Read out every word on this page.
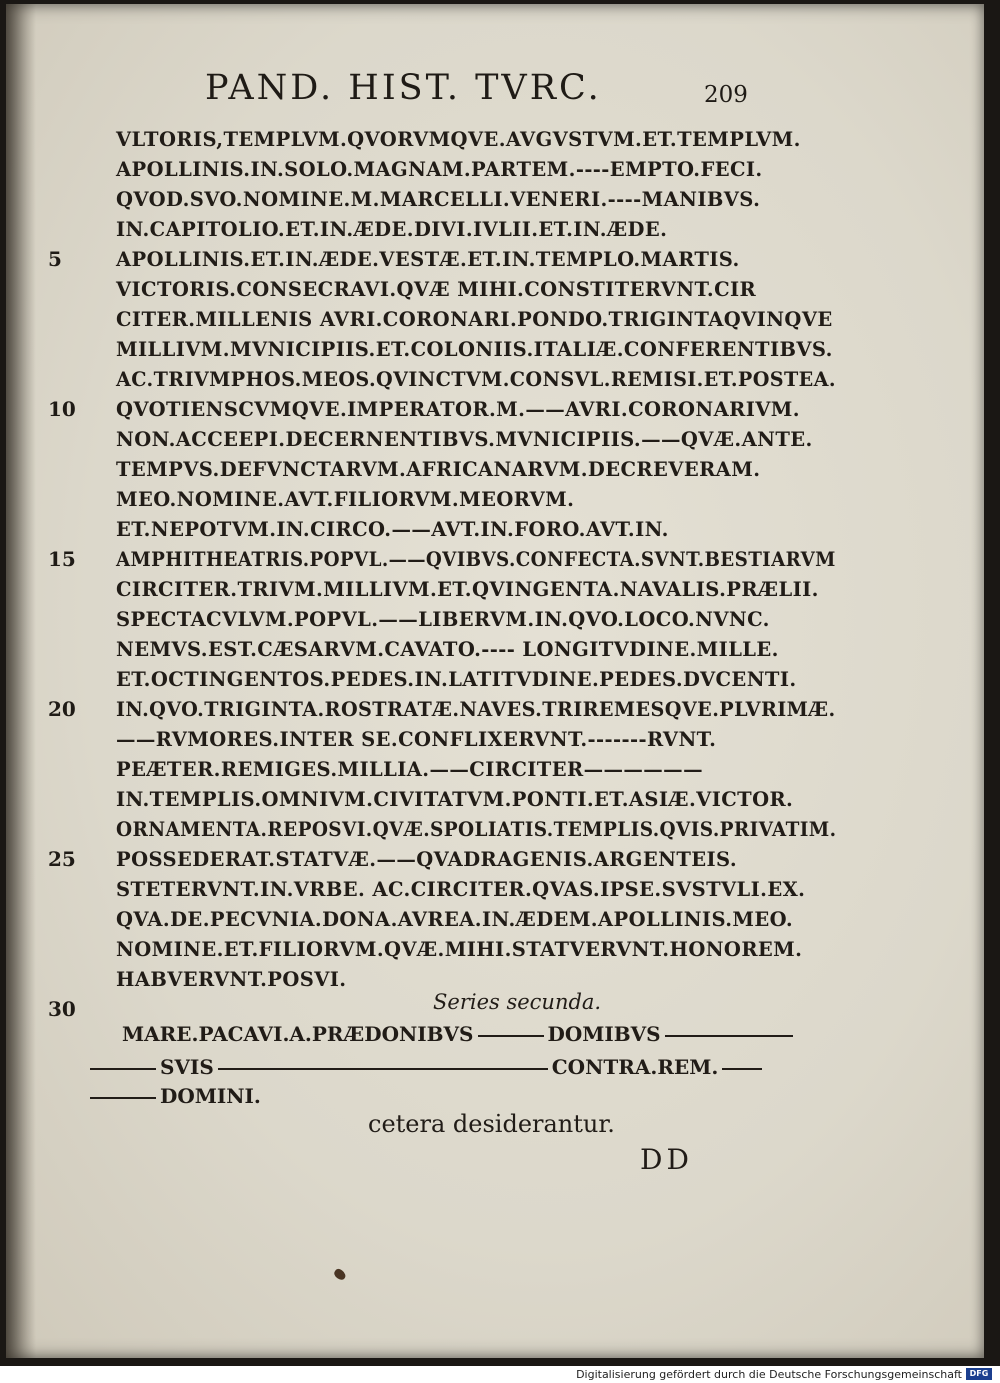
PAND. HIST. TVRC.	209
5
10
15
20
25
30
VLTORIS,TEMPLVM.QVORVMQVE.AVGVSTVM.ET.TEMPLVM.
APOLLINIS.IN.SOLO.MAGNAM.PARTEM.----EMPTO.FECI.
QVOD.SVO.NOMINE.M.MARCELLI.VENERI.----MANIBVS.
IN.CAPITOLIO.ET.IN.ÆDE.DIVI.IVLII.ET.IN.ÆDE.
APOLLINIS.ET.IN.ÆDE.VESTÆ.ET.IN.TEMPLO.MARTIS.
VICTORIS.CONSECRAVI.QVÆ MIHI.CONSTITERVNT.CIR
CITER.MILLENIS AVRI.CORONARI.PONDO.TRIGINTAQVINQVE
MILLIVM.MVNICIPIIS.ET.COLONIIS.ITALIÆ.CONFERENTIBVS.
AC.TRIVMPHOS.MEOS.QVINCTVM.CONSVL.REMISI.ET.POSTEA.
QVOTIENSCVMQVE.IMPERATOR.M.——AVRI.CORONARIVM.
NON.ACCEEPI.DECERNENTIBVS.MVNICIPIIS.——QVÆ.ANTE.
TEMPVS.DEFVNCTARVM.AFRICANARVM.DECREVERAM.
MEO.NOMINE.AVT.FILIORVM.MEORVM.
ET.NEPOTVM.IN.CIRCO.——AVT.IN.FORO.AVT.IN.
AMPHITHEATRIS.POPVL.——QVIBVS.CONFECTA.SVNT.BESTIARVM
CIRCITER.TRIVM.MILLIVM.ET.QVINGENTA.NAVALIS.PRÆLII.
SPECTACVLVM.POPVL.——LIBERVM.IN.QVO.LOCO.NVNC.
NEMVS.EST.CÆSARVM.CAVATO.---- LONGITVDINE.MILLE.
ET.OCTINGENTOS.PEDES.IN.LATITVDINE.PEDES.DVCENTI.
IN.QVO.TRIGINTA.ROSTRATÆ.NAVES.TRIREMESQVE.PLVRIMÆ.
——RVMORES.INTER SE.CONFLIXERVNT.-------RVNT.
PEÆTER.REMIGES.MILLIA.——CIRCITER——————
IN.TEMPLIS.OMNIVM.CIVITATVM.PONTI.ET.ASIÆ.VICTOR.
ORNAMENTA.REPOSVI.QVÆ.SPOLIATIS.TEMPLIS.QVIS.PRIVATIM.
POSSEDERAT.STATVÆ.——QVADRAGENIS.ARGENTEIS.
STETERVNT.IN.VRBE. AC.CIRCITER.QVAS.IPSE.SVSTVLI.EX.
QVA.DE.PECVNIA.DONA.AVREA.IN.ÆDEM.APOLLINIS.MEO.
NOMINE.ET.FILIORVM.QVÆ.MIHI.STATVERVNT.HONOREM.
HABVERVNT.POSVI.
Series secunda.
MARE.PACAVI.A.PRÆDONIBVS	DOMIBVS
SVIS	CONTRA.REM.
DOMINI.
cetera desiderantur.
DD
Digitalisierung gefördert durch die Deutsche Forschungsgemeinschaft DFG
